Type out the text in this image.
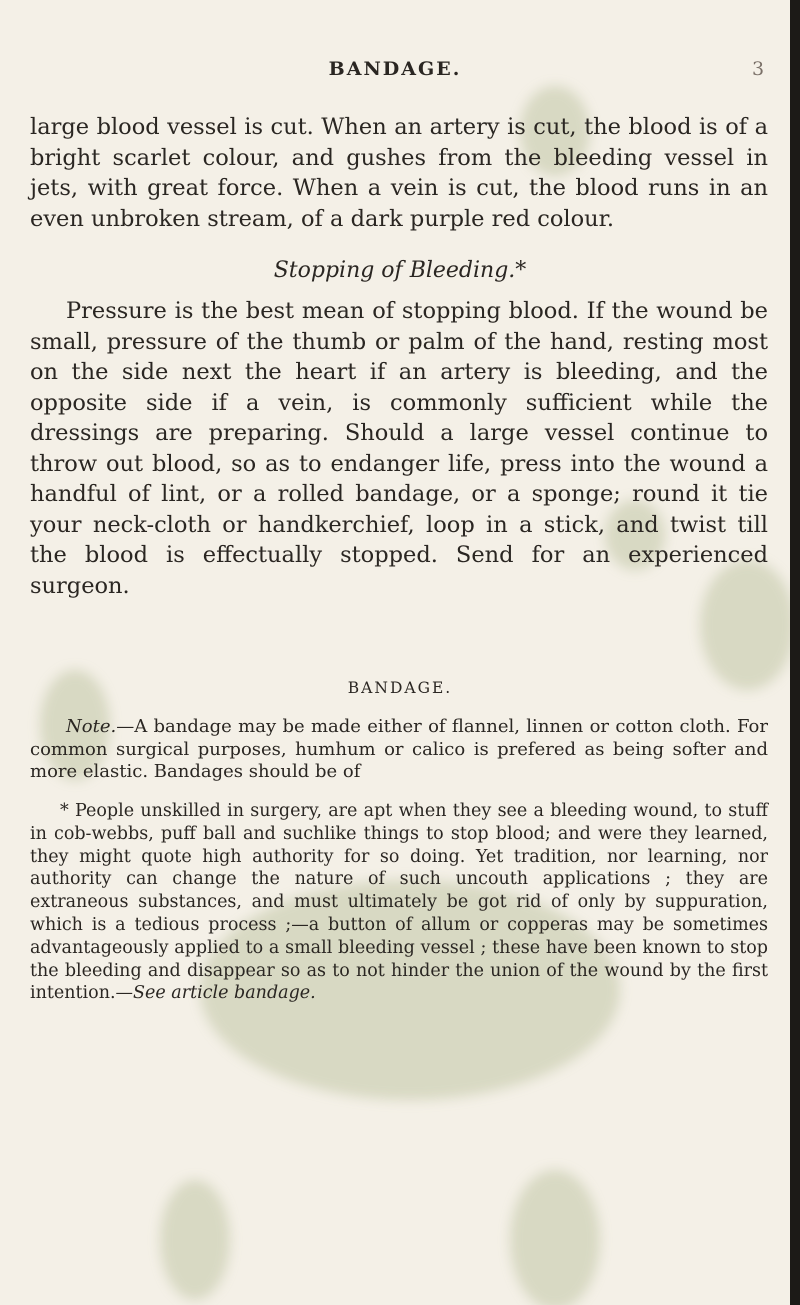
BANDAGE.	3

large blood vessel is cut. When an artery is cut, the blood is of a bright scarlet colour, and gushes from the bleeding vessel in jets, with great force. When a vein is cut, the blood runs in an even unbroken stream, of a dark purple red colour.

Stopping of Bleeding.*
Pressure is the best mean of stopping blood. If the wound be small, pressure of the thumb or palm of the hand, resting most on the side next the heart if an artery is bleeding, and the opposite side if a vein, is commonly sufficient while the dressings are preparing. Should a large vessel continue to throw out blood, so as to endanger life, press into the wound a handful of lint, or a rolled bandage, or a sponge; round it tie your neck-cloth or handkerchief, loop in a stick, and twist till the blood is effectually stopped. Send for an experienced surgeon.
BANDAGE.
Note.—A bandage may be made either of flannel, linnen or cotton cloth. For common surgical purposes, humhum or calico is prefered as being softer and more elastic. Bandages should be of
* People unskilled in surgery, are apt when they see a bleeding wound, to stuff in cob-webbs, puff ball and suchlike things to stop blood; and were they learned, they might quote high authority for so doing. Yet tradition, nor learning, nor authority can change the nature of such uncouth applications ; they are extraneous substances, and must ultimately be got rid of only by suppuration, which is a tedious process ;—a button of allum or copperas may be sometimes advantageously applied to a small bleeding vessel ; these have been known to stop the bleeding and disappear so as to not hinder the union of the wound by the first intention.—See article bandage.
